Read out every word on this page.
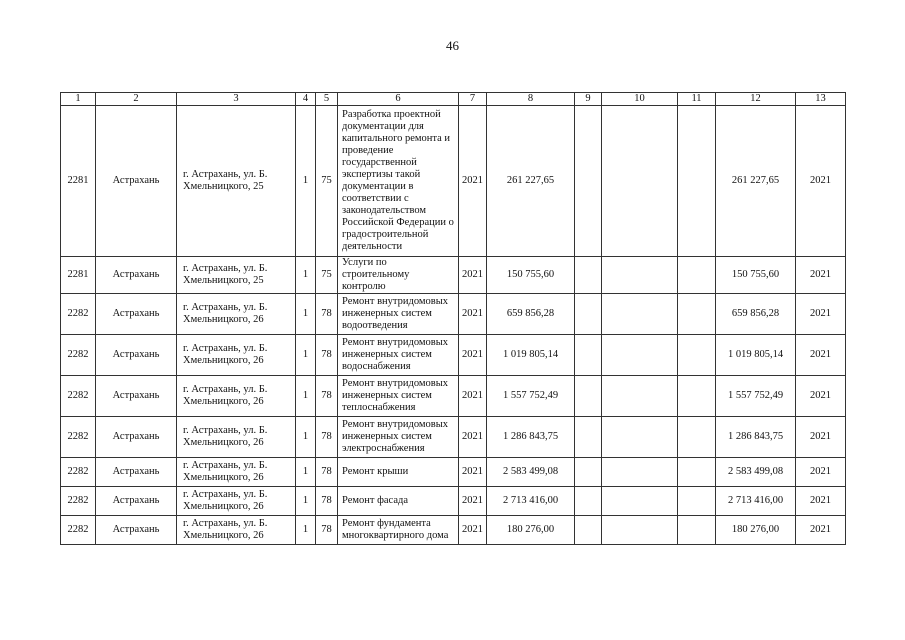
46
1	2	3	4	5	6	7	8	9	10	11	12	13
2281	Астрахань	г. Астрахань, ул. Б. Хмельницкого, 25	1	75	Разработка проектной документации для капитального ремонта и проведение государственной экспертизы такой документации в соответствии с законодательством Российской Федерации о градостроительной деятельности	2021	261 227,65				261 227,65	2021
2281	Астрахань	г. Астрахань, ул. Б. Хмельницкого, 25	1	75	Услуги по строительному контролю	2021	150 755,60				150 755,60	2021
2282	Астрахань	г. Астрахань, ул. Б. Хмельницкого, 26	1	78	Ремонт внутридомовых инженерных систем водоотведения	2021	659 856,28				659 856,28	2021
2282	Астрахань	г. Астрахань, ул. Б. Хмельницкого, 26	1	78	Ремонт внутридомовых инженерных систем водоснабжения	2021	1 019 805,14				1 019 805,14	2021
2282	Астрахань	г. Астрахань, ул. Б. Хмельницкого, 26	1	78	Ремонт внутридомовых инженерных систем теплоснабжения	2021	1 557 752,49				1 557 752,49	2021
2282	Астрахань	г. Астрахань, ул. Б. Хмельницкого, 26	1	78	Ремонт внутридомовых инженерных систем электроснабжения	2021	1 286 843,75				1 286 843,75	2021
2282	Астрахань	г. Астрахань, ул. Б. Хмельницкого, 26	1	78	Ремонт крыши	2021	2 583 499,08				2 583 499,08	2021
2282	Астрахань	г. Астрахань, ул. Б. Хмельницкого, 26	1	78	Ремонт фасада	2021	2 713 416,00				2 713 416,00	2021
2282	Астрахань	г. Астрахань, ул. Б. Хмельницкого, 26	1	78	Ремонт фундамента многоквартирного дома	2021	180 276,00				180 276,00	2021
